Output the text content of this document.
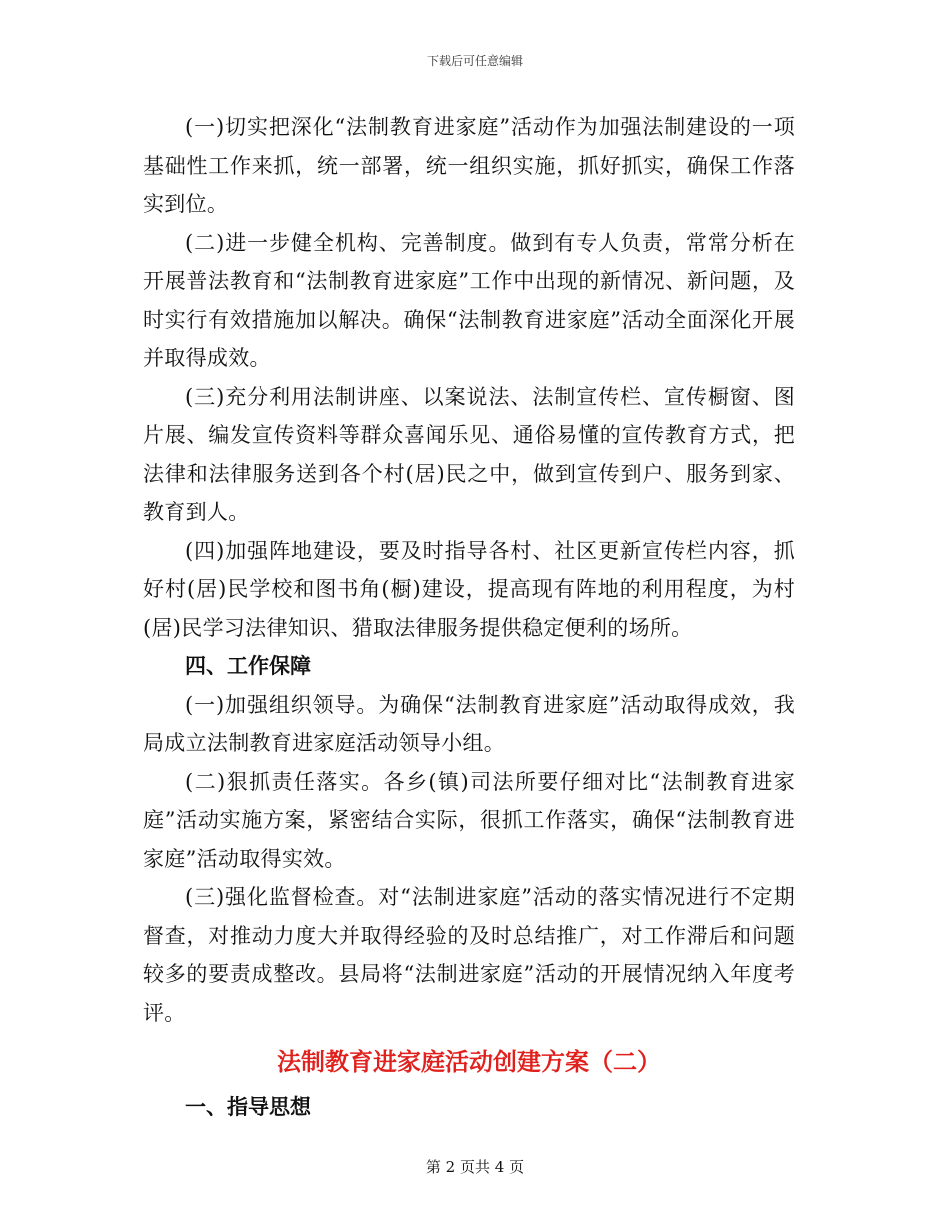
下载后可任意编辑

(一)切实把深化“法制教育进家庭”活动作为加强法制建设的一项基础性工作来抓，统一部署，统一组织实施，抓好抓实，确保工作落实到位。

(二)进一步健全机构、完善制度。做到有专人负责，常常分析在开展普法教育和“法制教育进家庭”工作中出现的新情况、新问题，及时实行有效措施加以解决。确保“法制教育进家庭”活动全面深化开展并取得成效。

(三)充分利用法制讲座、以案说法、法制宣传栏、宣传橱窗、图片展、编发宣传资料等群众喜闻乐见、通俗易懂的宣传教育方式，把法律和法律服务送到各个村(居)民之中，做到宣传到户、服务到家、教育到人。

(四)加强阵地建设，要及时指导各村、社区更新宣传栏内容，抓好村(居)民学校和图书角(橱)建设，提高现有阵地的利用程度，为村(居)民学习法律知识、猎取法律服务提供稳定便利的场所。

四、工作保障

(一)加强组织领导。为确保“法制教育进家庭”活动取得成效，我局成立法制教育进家庭活动领导小组。

(二)狠抓责任落实。各乡(镇)司法所要仔细对比“法制教育进家庭”活动实施方案，紧密结合实际，很抓工作落实，确保“法制教育进家庭”活动取得实效。

(三)强化监督检查。对“法制进家庭”活动的落实情况进行不定期督查，对推动力度大并取得经验的及时总结推广，对工作滞后和问题较多的要责成整改。县局将“法制进家庭”活动的开展情况纳入年度考评。

法制教育进家庭活动创建方案（二）

一、指导思想

第 2 页共 4 页
